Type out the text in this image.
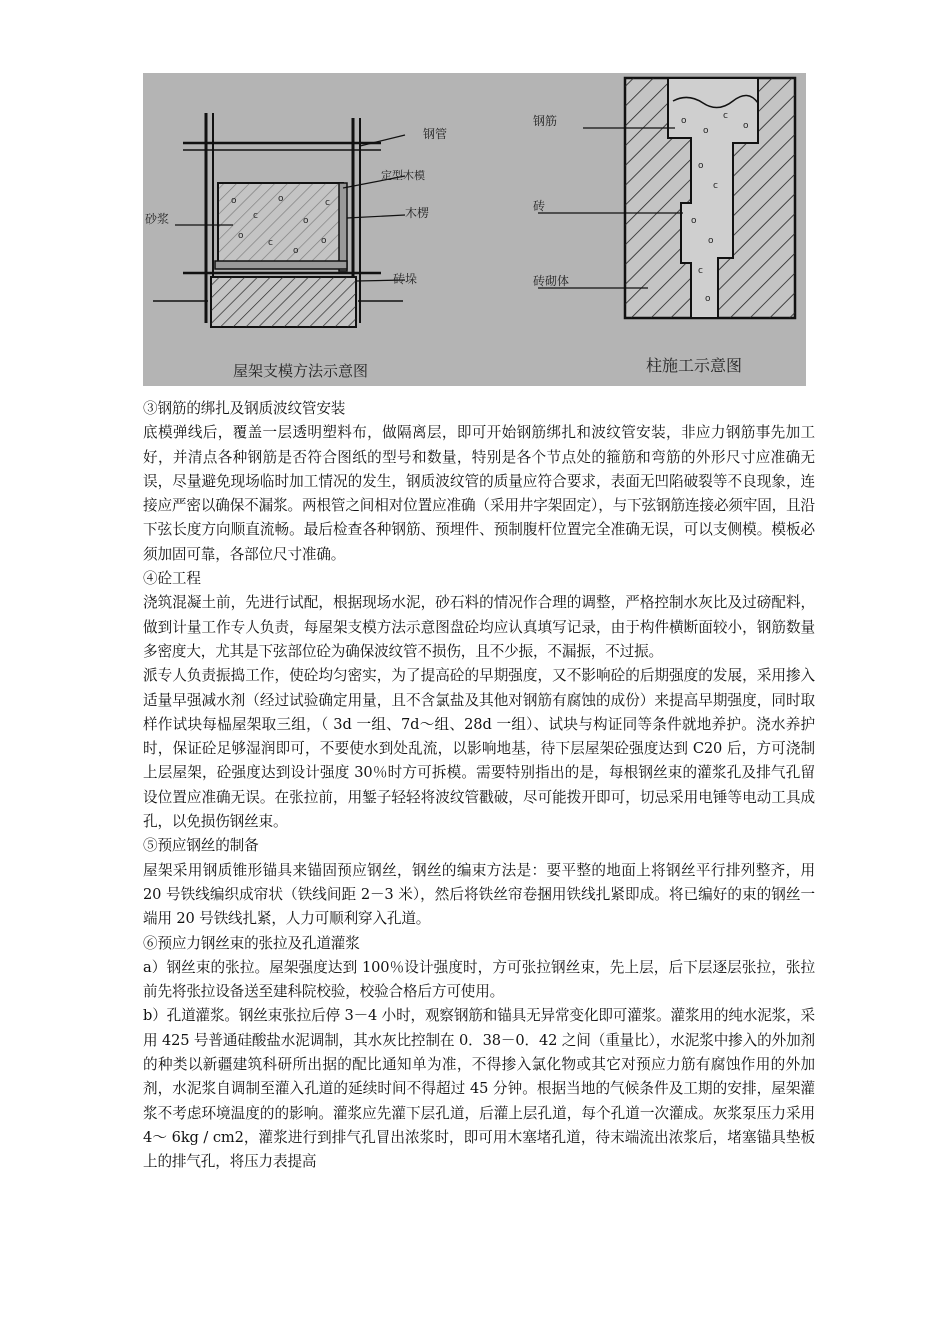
o
c
o
o
c
o
c
o
o
钢管
定型木模
木楞
砖垛
砂浆
屋架支模方法示意图
o
o
c
o
o
c
o
o
c
o
钢筋
砖
砖砌体
柱施工示意图

③钢筋的绑扎及钢质波纹管安装

底模弹线后，覆盖一层透明塑料布，做隔离层，即可开始钢筋绑扎和波纹管安装，非应力钢筋事先加工好，并清点各种钢筋是否符合图纸的型号和数量，特别是各个节点处的箍筋和弯筋的外形尺寸应准确无误，尽量避免现场临时加工情况的发生，钢质波纹管的质量应符合要求，表面无凹陷破裂等不良现象，连接应严密以确保不漏浆。两根管之间相对位置应准确（采用井字架固定），与下弦钢筋连接必须牢固，且沿下弦长度方向顺直流畅。最后检查各种钢筋、预埋件、预制腹杆位置完全准确无误，可以支侧模。模板必须加固可靠，各部位尺寸准确。

④砼工程

浇筑混凝土前，先进行试配，根据现场水泥，砂石料的情况作合理的调整，严格控制水灰比及过磅配料，做到计量工作专人负责，每屋架支模方法示意图盘砼均应认真填写记录，由于构件横断面较小，钢筋数量多密度大，尤其是下弦部位砼为确保波纹管不损伤，且不少振，不漏振，不过振。

派专人负责振捣工作，使砼均匀密实，为了提高砼的早期强度，又不影响砼的后期强度的发展，采用掺入适量早强减水剂（经过试验确定用量，且不含氯盐及其他对钢筋有腐蚀的成份）来提高早期强度，同时取样作试块每榀屋架取三组，（ 3d 一组、7d～组、28d 一组）、试块与构证同等条件就地养护。浇水养护时，保证砼足够湿润即可，不要使水到处乱流，以影响地基，待下层屋架砼强度达到 C20 后，方可浇制上层屋架，砼强度达到设计强度 30％时方可拆模。需要特别指出的是，每根钢丝束的灌浆孔及排气孔留设位置应准确无误。在张拉前，用錾子轻轻将波纹管戳破，尽可能拨开即可，切忌采用电锤等电动工具成孔，以免损伤钢丝束。

⑤预应钢丝的制备

屋架采用钢质锥形锚具来锚固预应钢丝，钢丝的编束方法是：要平整的地面上将钢丝平行排列整齐，用 20 号铁线编织成帘状（铁线间距 2－3 米），然后将铁丝帘卷捆用铁线扎紧即成。将已编好的束的钢丝一端用 20 号铁线扎紧，人力可顺利穿入孔道。

⑥预应力钢丝束的张拉及孔道灌浆

a）钢丝束的张拉。屋架强度达到 100％设计强度时，方可张拉钢丝束，先上层，后下层逐层张拉，张拉前先将张拉设备送至建科院校验，校验合格后方可使用。

b）孔道灌浆。钢丝束张拉后停 3－4 小时，观察钢筋和锚具无异常变化即可灌浆。灌浆用的纯水泥浆，采用 425 号普通硅酸盐水泥调制，其水灰比控制在 0．38－0．42 之间（重量比），水泥浆中掺入的外加剂的种类以新疆建筑科研所出据的配比通知单为准，不得掺入氯化物或其它对预应力筋有腐蚀作用的外加剂，水泥浆自调制至灌入孔道的延续时间不得超过 45 分钟。根据当地的气候条件及工期的安排，屋架灌浆不考虑环境温度的的影响。灌浆应先灌下层孔道，后灌上层孔道，每个孔道一次灌成。灰浆泵压力采用 4～ 6kg / cm2，灌浆进行到排气孔冒出浓浆时，即可用木塞堵孔道，待末端流出浓浆后，堵塞锚具垫板上的排气孔，将压力表提高
